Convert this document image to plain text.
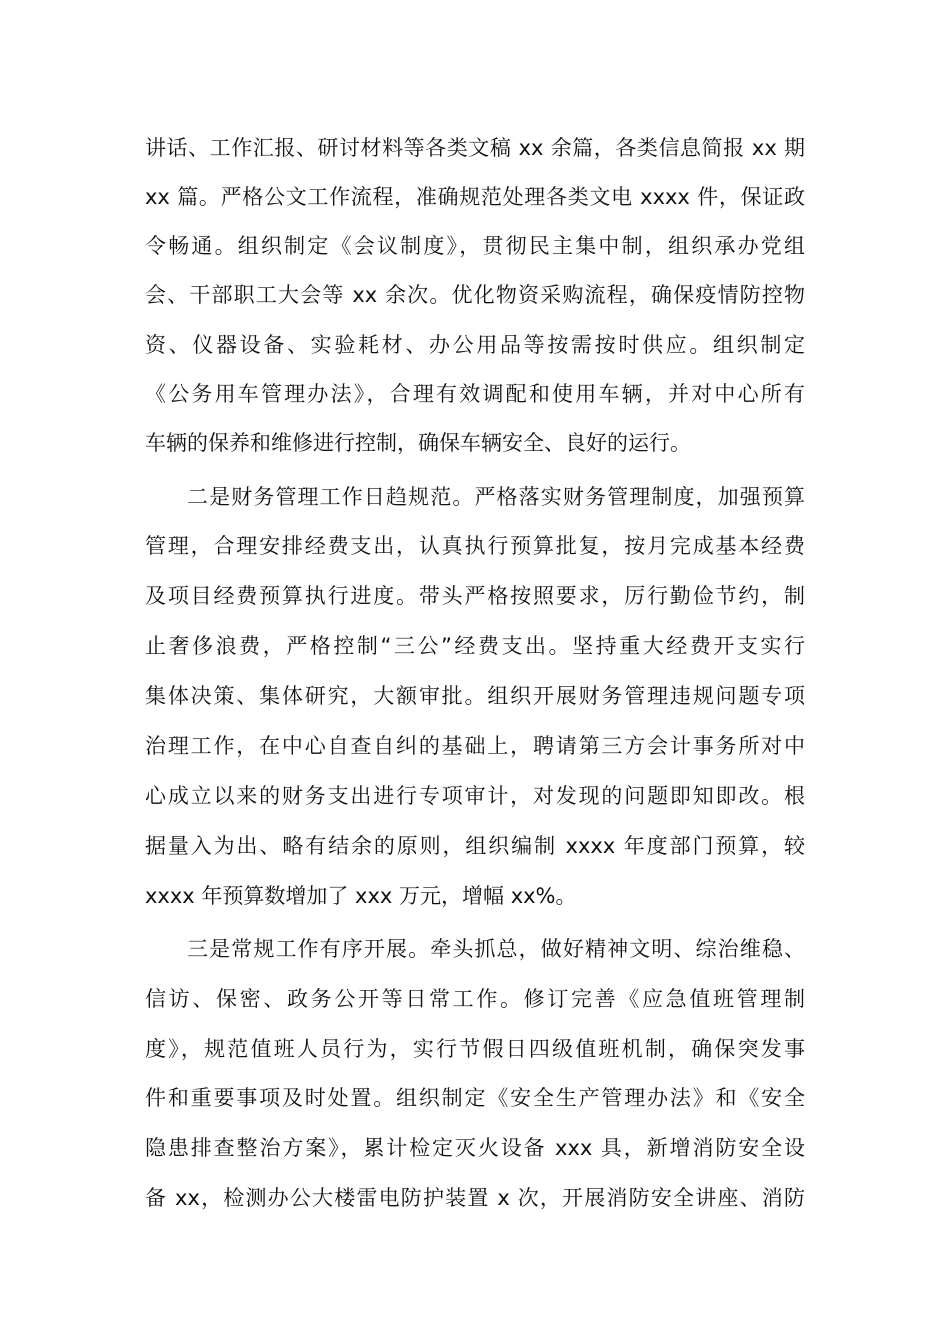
讲话、工作汇报、研讨材料等各类文稿 xx 余篇，各类信息简报 xx 期
xx 篇。严格公文工作流程，准确规范处理各类文电 xxxx 件，保证政
令畅通。组织制定《会议制度》，贯彻民主集中制，组织承办党组
会、干部职工大会等 xx 余次。优化物资采购流程，确保疫情防控物
资、仪器设备、实验耗材、办公用品等按需按时供应。组织制定
《公务用车管理办法》，合理有效调配和使用车辆，并对中心所有
车辆的保养和维修进行控制，确保车辆安全、良好的运行。
二是财务管理工作日趋规范。严格落实财务管理制度，加强预算
管理，合理安排经费支出，认真执行预算批复，按月完成基本经费
及项目经费预算执行进度。带头严格按照要求，厉行勤俭节约，制
止奢侈浪费，严格控制“三公”经费支出。坚持重大经费开支实行
集体决策、集体研究，大额审批。组织开展财务管理违规问题专项
治理工作，在中心自查自纠的基础上，聘请第三方会计事务所对中
心成立以来的财务支出进行专项审计，对发现的问题即知即改。根
据量入为出、略有结余的原则，组织编制 xxxx 年度部门预算，较
xxxx 年预算数增加了 xxx 万元，增幅 xx%。
三是常规工作有序开展。牵头抓总，做好精神文明、综治维稳、
信访、保密、政务公开等日常工作。修订完善《应急值班管理制
度》，规范值班人员行为，实行节假日四级值班机制，确保突发事
件和重要事项及时处置。组织制定《安全生产管理办法》和《安全
隐患排查整治方案》，累计检定灭火设备 xxx 具，新增消防安全设
备 xx，检测办公大楼雷电防护装置 x 次，开展消防安全讲座、消防
